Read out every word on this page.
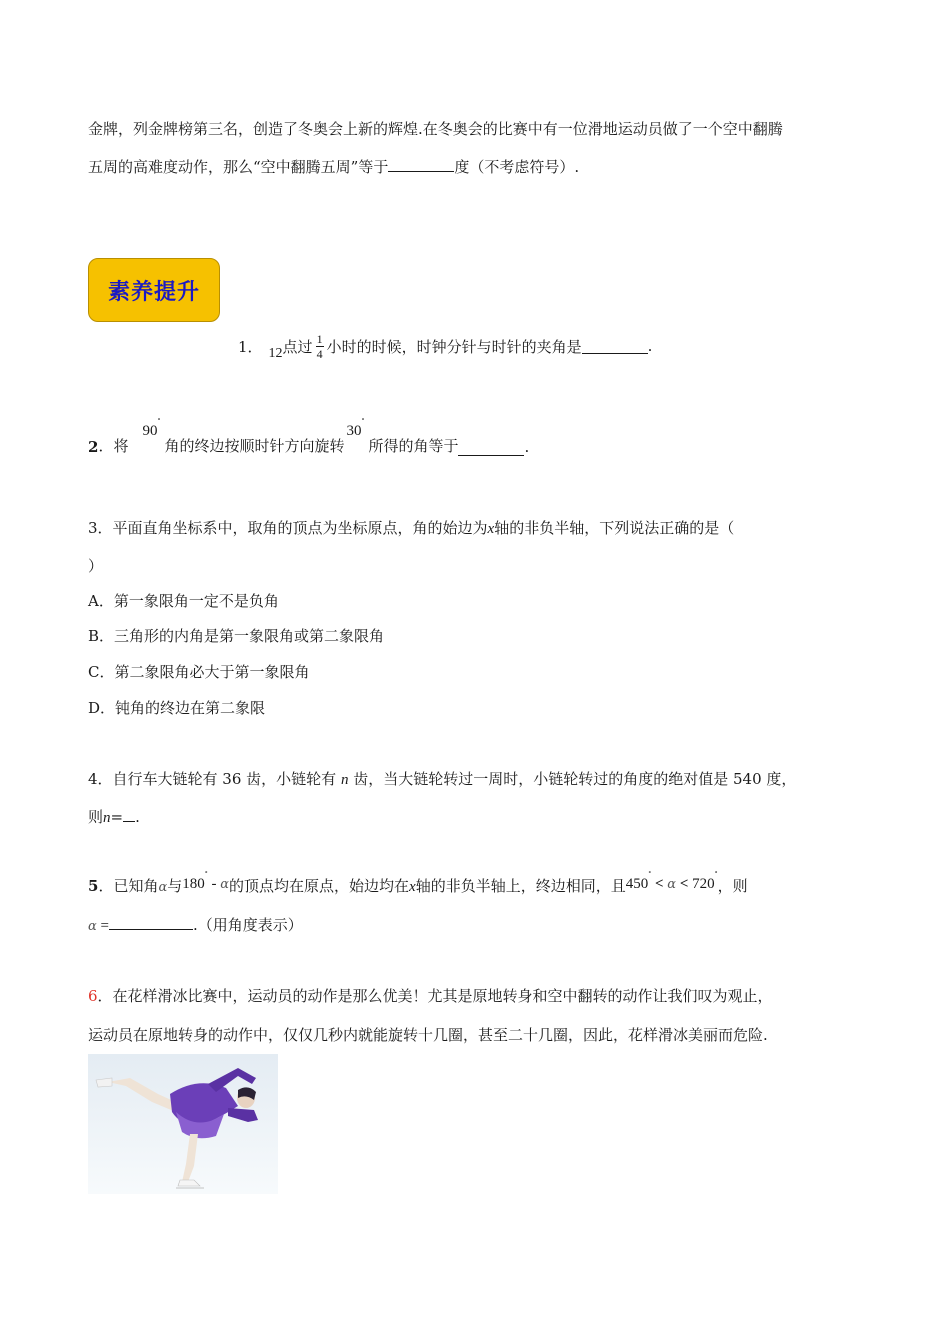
金牌，列金牌榜第三名，创造了冬奥会上新的辉煌.在冬奥会的比赛中有一位滑地运动员做了一个空中翻腾
五周的高难度动作，那么“空中翻腾五周”等于	度（不考虑符号）.
素养提升
1． 12 点过 $\frac{1}{4}$ 小时的时候，时钟分针与时针的夹角是	.
2 ．将
90°
角的终边按顺时针方向旋转
30°
所得的角等于	.
3．平面直角坐标系中，取角的顶点为坐标原点，角的始边为x轴的非负半轴，下列说法正确的是（
）
A．第一象限角一定不是负角
B．三角形的内角是第一象限角或第二象限角
C．第二象限角必大于第一象限角
D．钝角的终边在第二象限
4．自行车大链轮有 36 齿，小链轮有 n 齿，当大链轮转过一周时，小链轮转过的角度的绝对值是 540 度，
则n= .
5．已知角α与180° - α的顶点均在原点，始边均在x轴的非负半轴上，终边相同，且450° < α < 720°，则
α =	.（用角度表示）
6．在花样滑冰比赛中，运动员的动作是那么优美！尤其是原地转身和空中翻转的动作让我们叹为观止，
运动员在原地转身的动作中，仅仅几秒内就能旋转十几圈，甚至二十几圈，因此，花样滑冰美丽而危险.
